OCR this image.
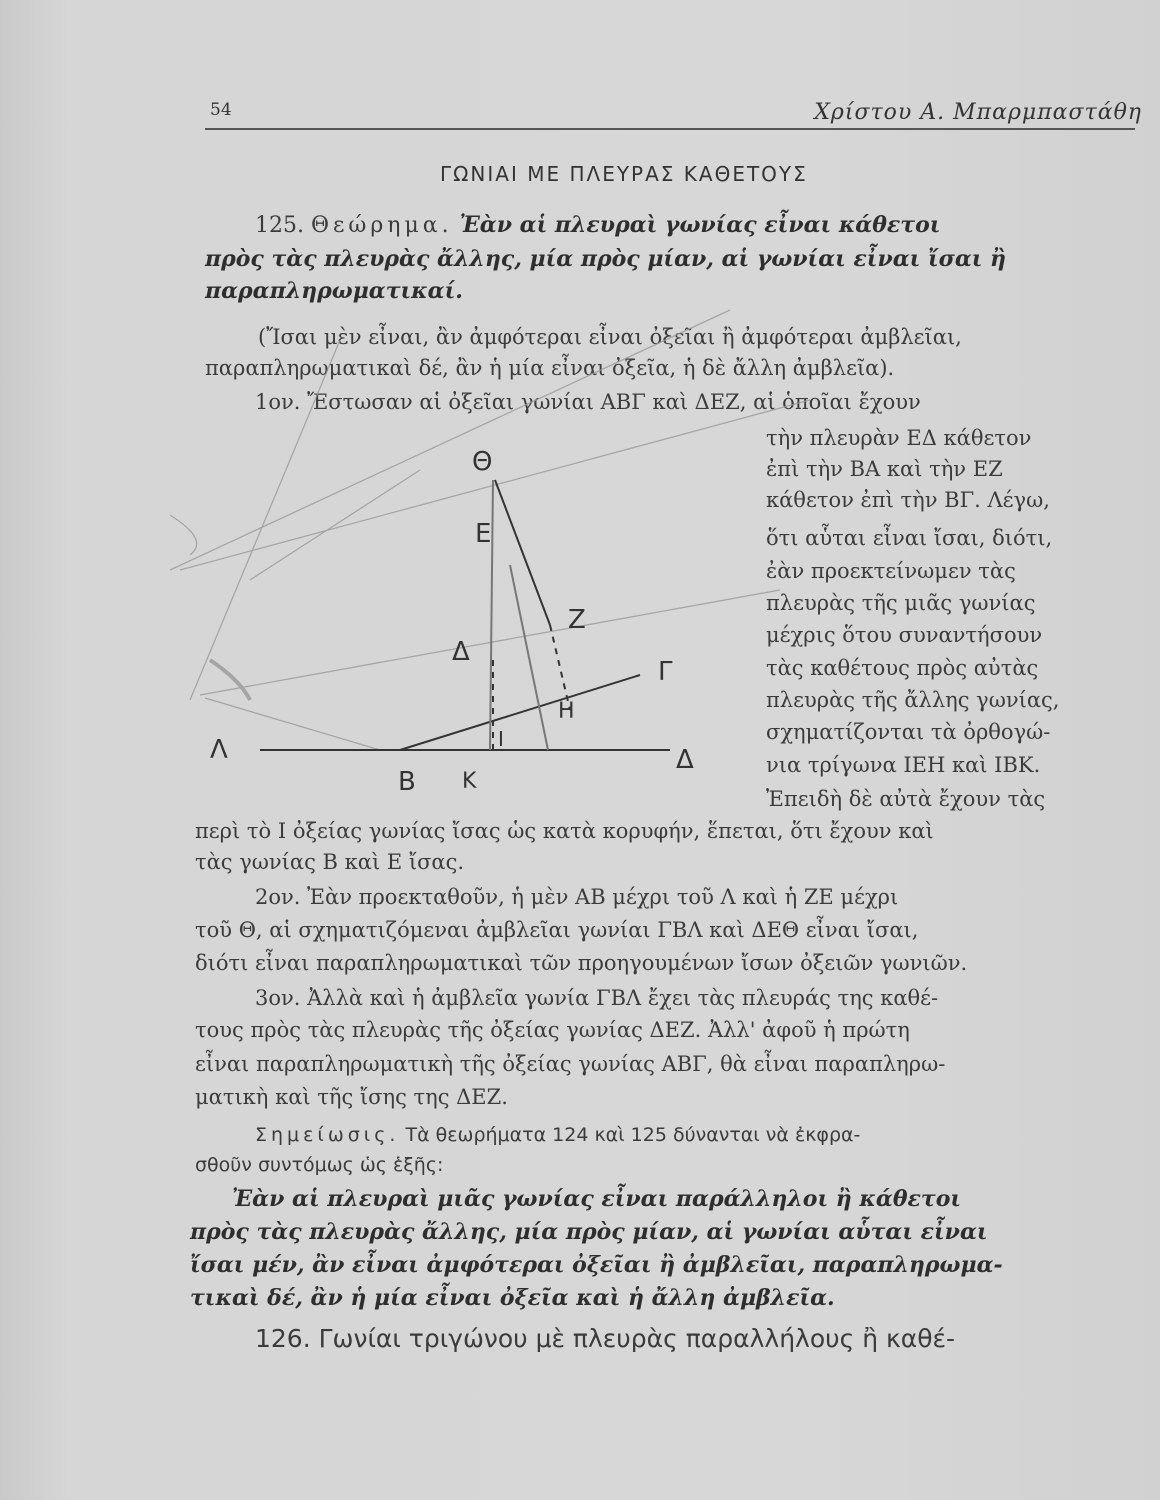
54	Χρίστου Α. Μπαρμπαστάθη
ΓΩΝΙΑΙ ΜΕ ΠΛΕΥΡΑΣ ΚΑΘΕΤΟΥΣ
125. Θεώρημα. Ἐὰν αἱ πλευραὶ γωνίας εἶναι κάθετοι
πρὸς τὰς πλευρὰς ἄλλης, μία πρὸς μίαν, αἱ γωνίαι εἶναι ἴσαι ἢ
παραπληρωματικαί.
(Ἴσαι μὲν εἶναι, ἂν ἀμφότεραι εἶναι ὀξεῖαι ἢ ἀμφότεραι ἀμβλεῖαι,
παραπληρωματικαὶ δέ, ἂν ἡ μία εἶναι ὀξεῖα, ἡ δὲ ἄλλη ἀμβλεῖα).
1ον. Ἔστωσαν αἱ ὀξεῖαι γωνίαι ΑΒΓ καὶ ΔΕΖ, αἱ ὁποῖαι ἔχουν
τὴν πλευρὰν ΕΔ κάθετον
ἐπὶ τὴν ΒΑ καὶ τὴν ΕΖ
κάθετον ἐπὶ τὴν ΒΓ. Λέγω,
ὅτι αὗται εἶναι ἴσαι, διότι,
ἐὰν προεκτείνωμεν τὰς
πλευρὰς τῆς μιᾶς γωνίας
μέχρις ὅτου συναντήσουν
τὰς καθέτους πρὸς αὐτὰς
πλευρὰς τῆς ἄλλης γωνίας,
σχηματίζονται τὰ ὀρθογώ-
νια τρίγωνα ΙΕΗ καὶ ΙΒΚ.
Ἐπειδὴ δὲ αὐτὰ ἔχουν τὰς
περὶ τὸ Ι ὀξείας γωνίας ἴσας ὡς κατὰ κορυφήν, ἕπεται, ὅτι ἔχουν καὶ
τὰς γωνίας Β καὶ Ε ἴσας.
2ον. Ἐὰν προεκταθοῦν, ἡ μὲν ΑΒ μέχρι τοῦ Λ καὶ ἡ ΖΕ μέχρι
τοῦ Θ, αἱ σχηματιζόμεναι ἀμβλεῖαι γωνίαι ΓΒΛ καὶ ΔΕΘ εἶναι ἴσαι,
διότι εἶναι παραπληρωματικαὶ τῶν προηγουμένων ἴσων ὀξειῶν γωνιῶν.
3ον. Ἀλλὰ καὶ ἡ ἀμβλεῖα γωνία ΓΒΛ ἔχει τὰς πλευράς της καθέ-
τους πρὸς τὰς πλευρὰς τῆς ὀξείας γωνίας ΔΕΖ. Ἀλλ' ἀφοῦ ἡ πρώτη
εἶναι παραπληρωματικὴ τῆς ὀξείας γωνίας ΑΒΓ, θὰ εἶναι παραπληρω-
ματικὴ καὶ τῆς ἴσης της ΔΕΖ.
Σημείωσις. Τὰ θεωρήματα 124 καὶ 125 δύνανται νὰ ἐκφρα-
σθοῦν συντόμως ὡς ἑξῆς:
Ἐὰν αἱ πλευραὶ μιᾶς γωνίας εἶναι παράλληλοι ἢ κάθετοι
πρὸς τὰς πλευρὰς ἄλλης, μία πρὸς μίαν, αἱ γωνίαι αὗται εἶναι
ἴσαι μέν, ἂν εἶναι ἀμφότεραι ὀξεῖαι ἢ ἀμβλεῖαι, παραπληρωμα-
τικαὶ δέ, ἂν ἡ μία εἶναι ὀξεῖα καὶ ἡ ἄλλη ἀμβλεῖα.
126. Γωνίαι τριγώνου μὲ πλευρὰς παραλλήλους ἢ καθέ-
Θ
Ε
Ζ
Δ
Γ
Η
Ι
Λ
Β Κ
Δ
